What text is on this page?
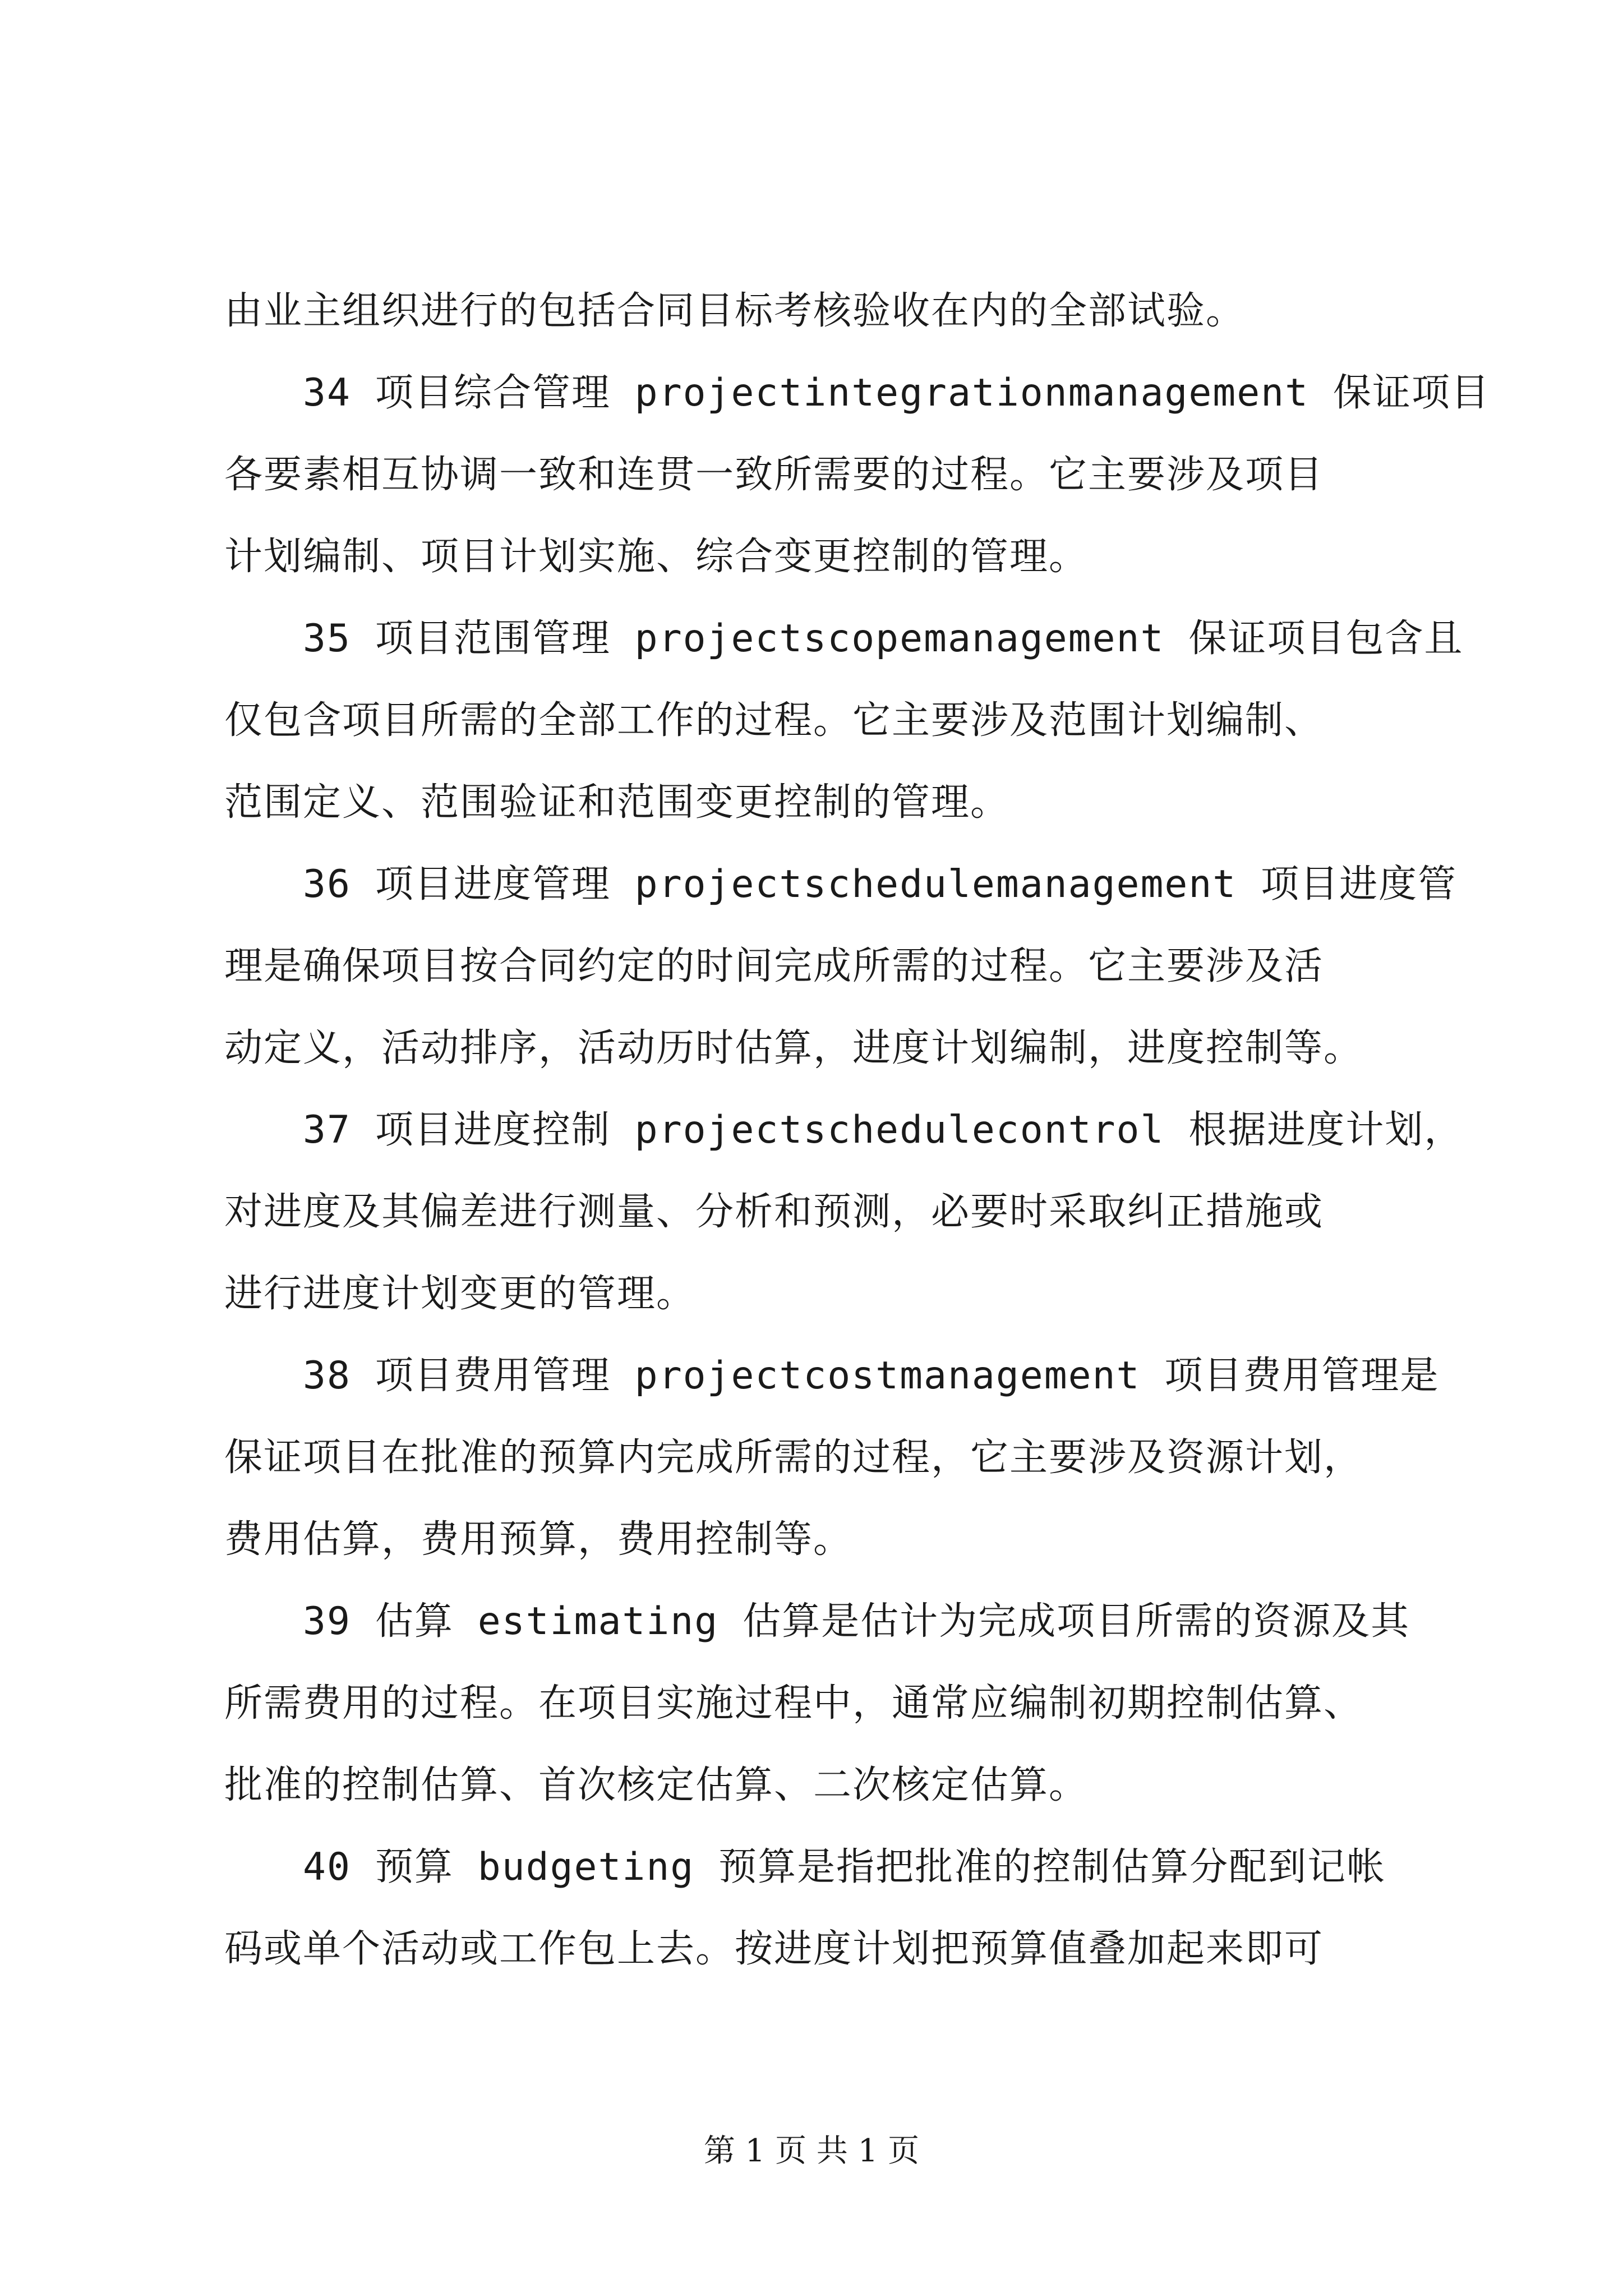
由业主组织进行的包括合同目标考核验收在内的全部试验。
34 项目综合管理 projectintegrationmanagement 保证项目
各要素相互协调一致和连贯一致所需要的过程。它主要涉及项目
计划编制、项目计划实施、综合变更控制的管理。
35 项目范围管理 projectscopemanagement 保证项目包含且
仅包含项目所需的全部工作的过程。它主要涉及范围计划编制、
范围定义、范围验证和范围变更控制的管理。
36 项目进度管理 projectschedulemanagement 项目进度管
理是确保项目按合同约定的时间完成所需的过程。它主要涉及活
动定义，活动排序，活动历时估算，进度计划编制，进度控制等。
37 项目进度控制 projectschedulecontrol 根据进度计划，
对进度及其偏差进行测量、分析和预测，必要时采取纠正措施或
进行进度计划变更的管理。
38 项目费用管理 projectcostmanagement 项目费用管理是
保证项目在批准的预算内完成所需的过程，它主要涉及资源计划，
费用估算，费用预算，费用控制等。
39 估算 estimating 估算是估计为完成项目所需的资源及其
所需费用的过程。在项目实施过程中，通常应编制初期控制估算、
批准的控制估算、首次核定估算、二次核定估算。
40 预算 budgeting 预算是指把批准的控制估算分配到记帐
码或单个活动或工作包上去。按进度计划把预算值叠加起来即可
第 1 页 共 1 页
